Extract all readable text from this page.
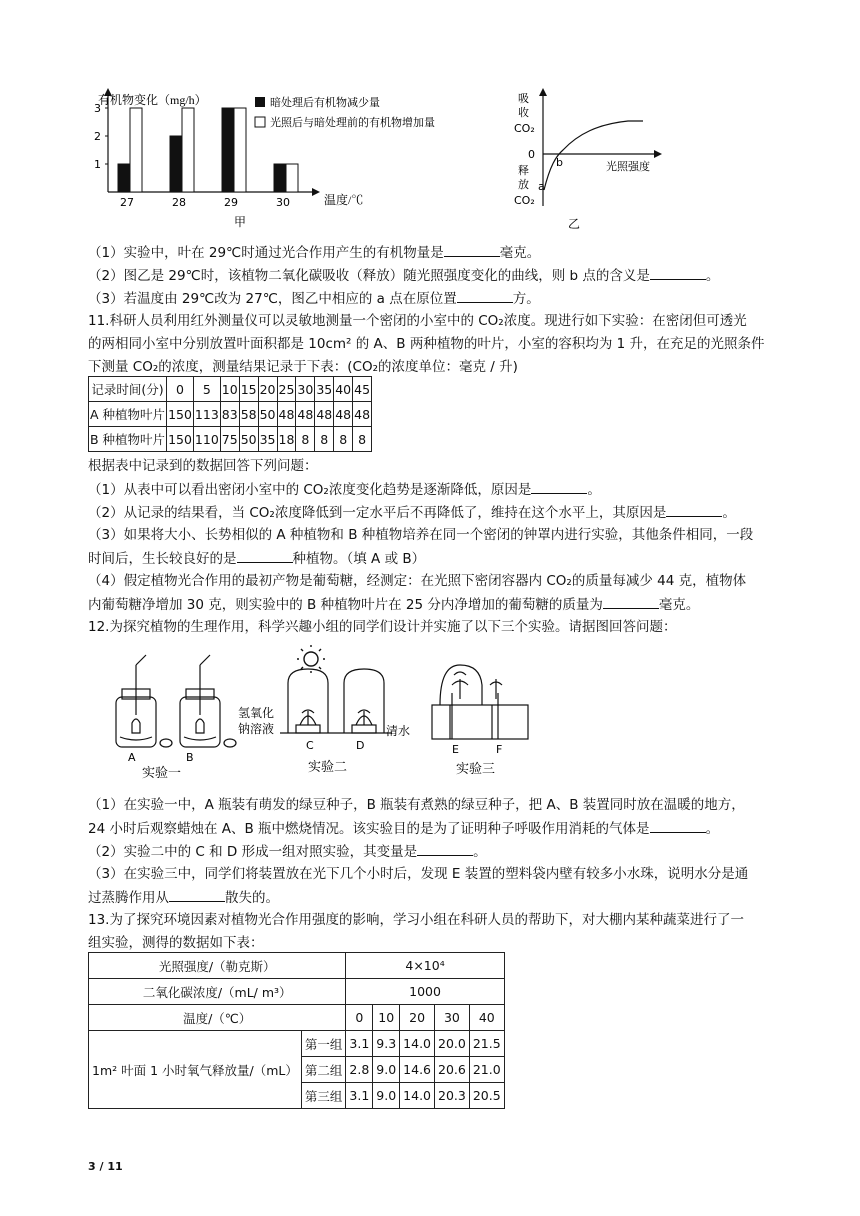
1
2
3
27	28	29	30
有机物变化（mg/h）
温度/℃
甲
暗处理后有机物减少量
光照后与暗处理前的有机物增加量
吸
收
CO₂
0
b
a
释
放
CO₂
光照强度
乙
（1）实验中，叶在 29℃时通过光合作用产生的有机物量是	毫克。
（2）图乙是 29℃时，该植物二氧化碳吸收（释放）随光照强度变化的曲线，则 b 点的含义是	。
（3）若温度由 29℃改为 27℃，图乙中相应的 a 点在原位置	方。
11.科研人员利用红外测量仪可以灵敏地测量一个密闭的小室中的 CO₂浓度。现进行如下实验：在密闭但可透光
的两相同小室中分别放置叶面积都是 10cm² 的 A、B 两种植物的叶片，小室的容积均为 1 升，在充足的光照条件
下测量 CO₂的浓度，测量结果记录于下表：(CO₂的浓度单位：毫克 / 升)
记录时间(分)	0	5	10	15	20	25	30	35	40	45
A 种植物叶片	150	113	83	58	50	48	48	48	48	48
B 种植物叶片	150	110	75	50	35	18	8	8	8	8
根据表中记录到的数据回答下列问题：
（1）从表中可以看出密闭小室中的 CO₂浓度变化趋势是逐渐降低，原因是	。
（2）从记录的结果看，当 CO₂浓度降低到一定水平后不再降低了，维持在这个水平上，其原因是	。
（3）如果将大小、长势相似的 A 种植物和 B 种植物培养在同一个密闭的钟罩内进行实验，其他条件相同，一段
时间后，生长较良好的是	种植物。（填 A 或 B）
（4）假定植物光合作用的最初产物是葡萄糖，经测定：在光照下密闭容器内 CO₂的质量每减少 44 克，植物体
内葡萄糖净增加 30 克，则实验中的 B 种植物叶片在 25 分内净增加的葡萄糖的质量为	毫克。
12.为探究植物的生理作用，科学兴趣小组的同学们设计并实施了以下三个实验。请据图回答问题：
A	B
实验一
氢氧化
钠溶液
C	D
清水
实验二
E	F
实验三
（1）在实验一中，A 瓶装有萌发的绿豆种子，B 瓶装有煮熟的绿豆种子，把 A、B 装置同时放在温暖的地方，
24 小时后观察蜡烛在 A、B 瓶中燃烧情况。该实验目的是为了证明种子呼吸作用消耗的气体是	。
（2）实验二中的 C 和 D 形成一组对照实验，其变量是	。
（3）在实验三中，同学们将装置放在光下几个小时后，发现 E 装置的塑料袋内壁有较多小水珠，说明水分是通
过蒸腾作用从	散失的。
13.为了探究环境因素对植物光合作用强度的影响，学习小组在科研人员的帮助下，对大棚内某种蔬菜进行了一
组实验，测得的数据如下表：
光照强度/（勒克斯）		4×10⁴				
二氧化碳浓度/（mL/ m³）		1000				
温度/（℃）		0	10	20	30	40
1m² 叶面 1 小时氧气释放量/（mL）	第一组	3.1	9.3	14.0	20.0	21.5
	第二组	2.8	9.0	14.6	20.6	21.0
	第三组	3.1	9.0	14.0	20.3	20.5
3 / 11
